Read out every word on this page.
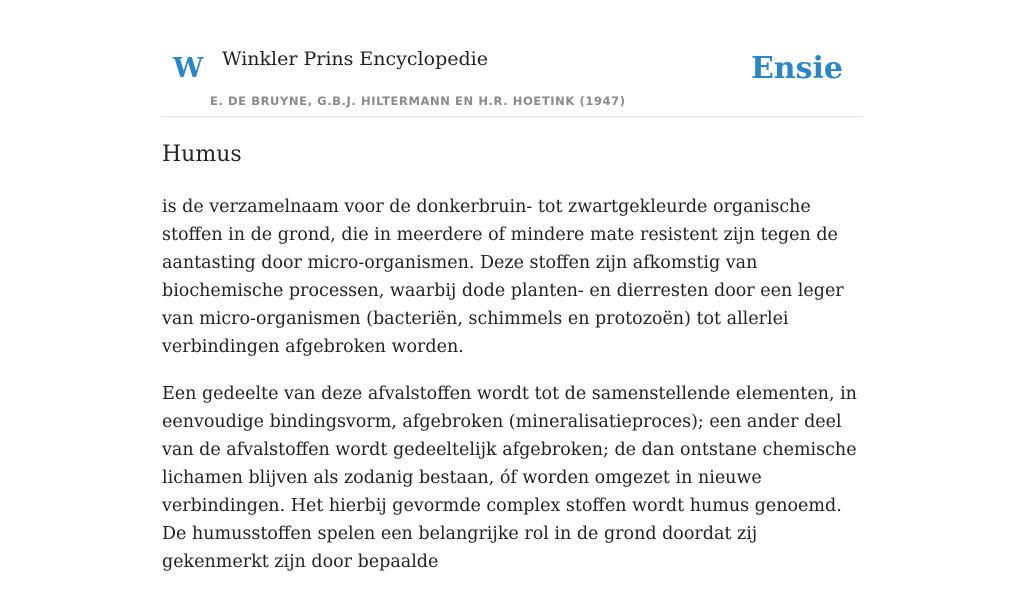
W Winkler Prins Encyclopedie
E. DE BRUYNE, G.B.J. HILTERMANN EN H.R. HOETINK (1947)
Ensie
Humus

is de verzamelnaam voor de donkerbruin- tot zwartgekleurde organische stoffen in de grond, die in meerdere of mindere mate resistent zijn tegen de aantasting door micro-organismen. Deze stoffen zijn afkomstig van biochemische processen, waarbij dode planten- en dierresten door een leger van micro-organismen (bacteriën, schimmels en protozoën) tot allerlei verbindingen afgebroken worden.

Een gedeelte van deze afvalstoffen wordt tot de samenstellende elementen, in eenvoudige bindingsvorm, afgebroken (mineralisatieproces); een ander deel van de afvalstoffen wordt gedeeltelijk afgebroken; de dan ontstane chemische lichamen blijven als zodanig bestaan, óf worden omgezet in nieuwe verbindingen. Het hierbij gevormde complex stoffen wordt humus genoemd. De humusstoffen spelen een belangrijke rol in de grond doordat zij gekenmerkt zijn door bepaalde
